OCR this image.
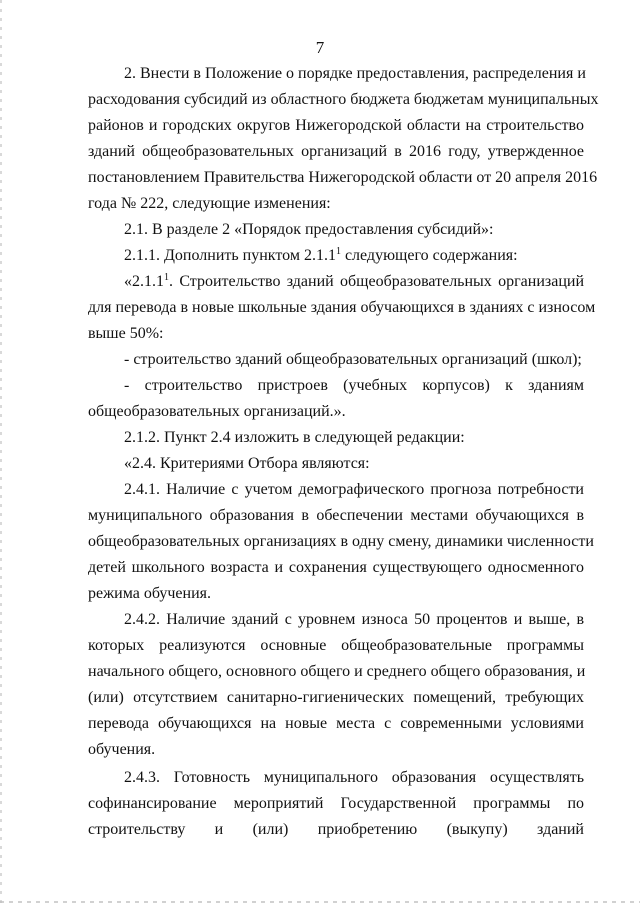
7
2. Внести в Положение о порядке предоставления, распределения и
расходования субсидий из областного бюджета бюджетам муниципальных
районов и городских округов Нижегородской области на строительство
зданий общеобразовательных организаций в 2016 году, утвержденное
постановлением Правительства Нижегородской области от 20 апреля 2016
года № 222, следующие изменения:
2.1. В разделе 2 «Порядок предоставления субсидий»:
2.1.1. Дополнить пунктом 2.1.1$^1$ следующего содержания:
«2.1.1$^1$. Строительство зданий общеобразовательных организаций
для перевода в новые школьные здания обучающихся в зданиях с износом
выше 50%:
- строительство зданий общеобразовательных организаций (школ);
- строительство пристроев (учебных корпусов) к зданиям
общеобразовательных организаций.».
2.1.2. Пункт 2.4 изложить в следующей редакции:
«2.4. Критериями Отбора являются:
2.4.1. Наличие с учетом демографического прогноза потребности
муниципального образования в обеспечении местами обучающихся в
общеобразовательных организациях в одну смену, динамики численности
детей школьного возраста и сохранения существующего односменного
режима обучения.
2.4.2. Наличие зданий с уровнем износа 50 процентов и выше, в
которых реализуются основные общеобразовательные программы
начального общего, основного общего и среднего общего образования, и
(или) отсутствием санитарно-гигиенических помещений, требующих
перевода обучающихся на новые места с современными условиями
обучения.
2.4.3. Готовность муниципального образования осуществлять
софинансирование мероприятий Государственной программы по
строительству и (или) приобретению (выкупу) зданий
